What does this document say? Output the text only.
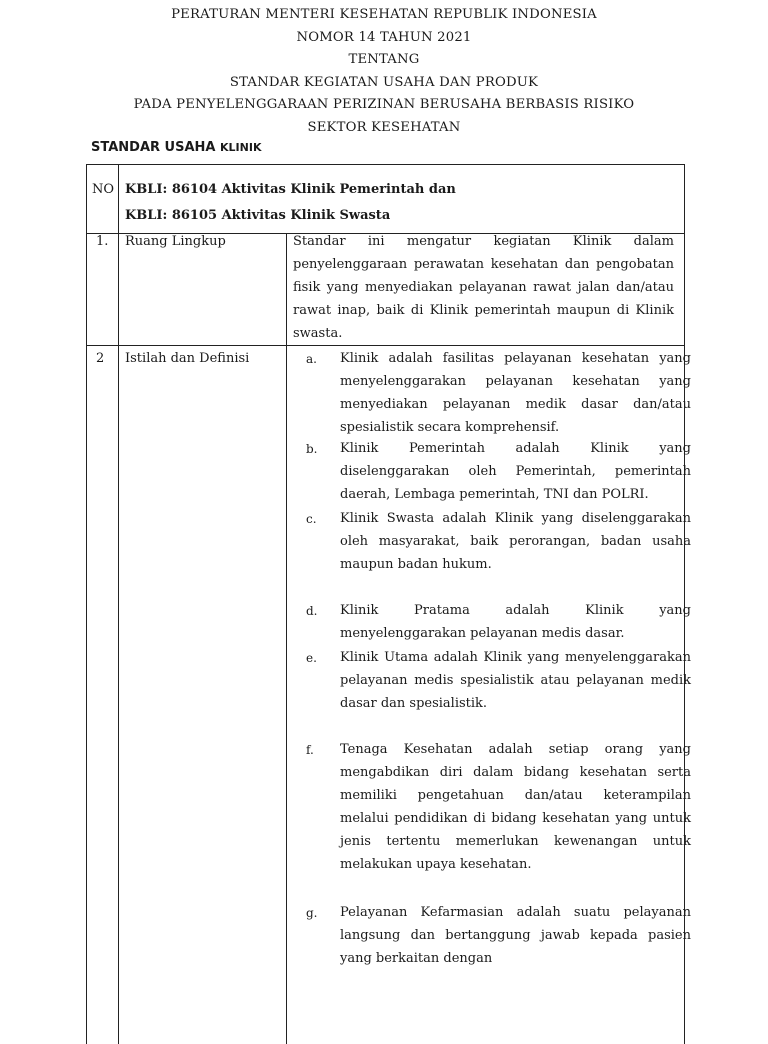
PERATURAN MENTERI KESEHATAN REPUBLIK INDONESIA
NOMOR 14 TAHUN 2021
TENTANG
STANDAR KEGIATAN USAHA DAN PRODUK
PADA PENYELENGGARAAN PERIZINAN BERUSAHA BERBASIS RISIKO
SEKTOR KESEHATAN
STANDAR USAHA KLINIK
NO KBLI: 86104 Aktivitas Klinik Pemerintah dan
KBLI: 86105 Aktivitas Klinik Swasta
1. Ruang Lingkup	Standar ini mengatur kegiatan Klinik dalam penyelenggaraan perawatan kesehatan dan pengobatan fisik yang menyediakan pelayanan rawat jalan dan/atau rawat inap, baik di Klinik pemerintah maupun di Klinik swasta.
2 Istilah dan Definisi	a. Klinik adalah fasilitas pelayanan kesehatan yang menyelenggarakan pelayanan kesehatan yang menyediakan pelayanan medik dasar dan/atau spesialistik secara komprehensif.
b. Klinik Pemerintah adalah Klinik yang diselenggarakan oleh Pemerintah, pemerintah daerah, Lembaga pemerintah, TNI dan POLRI.
c. Klinik Swasta adalah Klinik yang diselenggarakan oleh masyarakat, baik perorangan, badan usaha maupun badan hukum.
d. Klinik Pratama adalah Klinik yang menyelenggarakan pelayanan medis dasar.
e. Klinik Utama adalah Klinik yang menyelenggarakan pelayanan medis spesialistik atau pelayanan medik dasar dan spesialistik.
f. Tenaga Kesehatan adalah setiap orang yang mengabdikan diri dalam bidang kesehatan serta memiliki pengetahuan dan/atau keterampilan melalui pendidikan di bidang kesehatan yang untuk jenis tertentu memerlukan kewenangan untuk melakukan upaya kesehatan.
g. Pelayanan Kefarmasian adalah suatu pelayanan langsung dan bertanggung jawab kepada pasien yang berkaitan dengan
